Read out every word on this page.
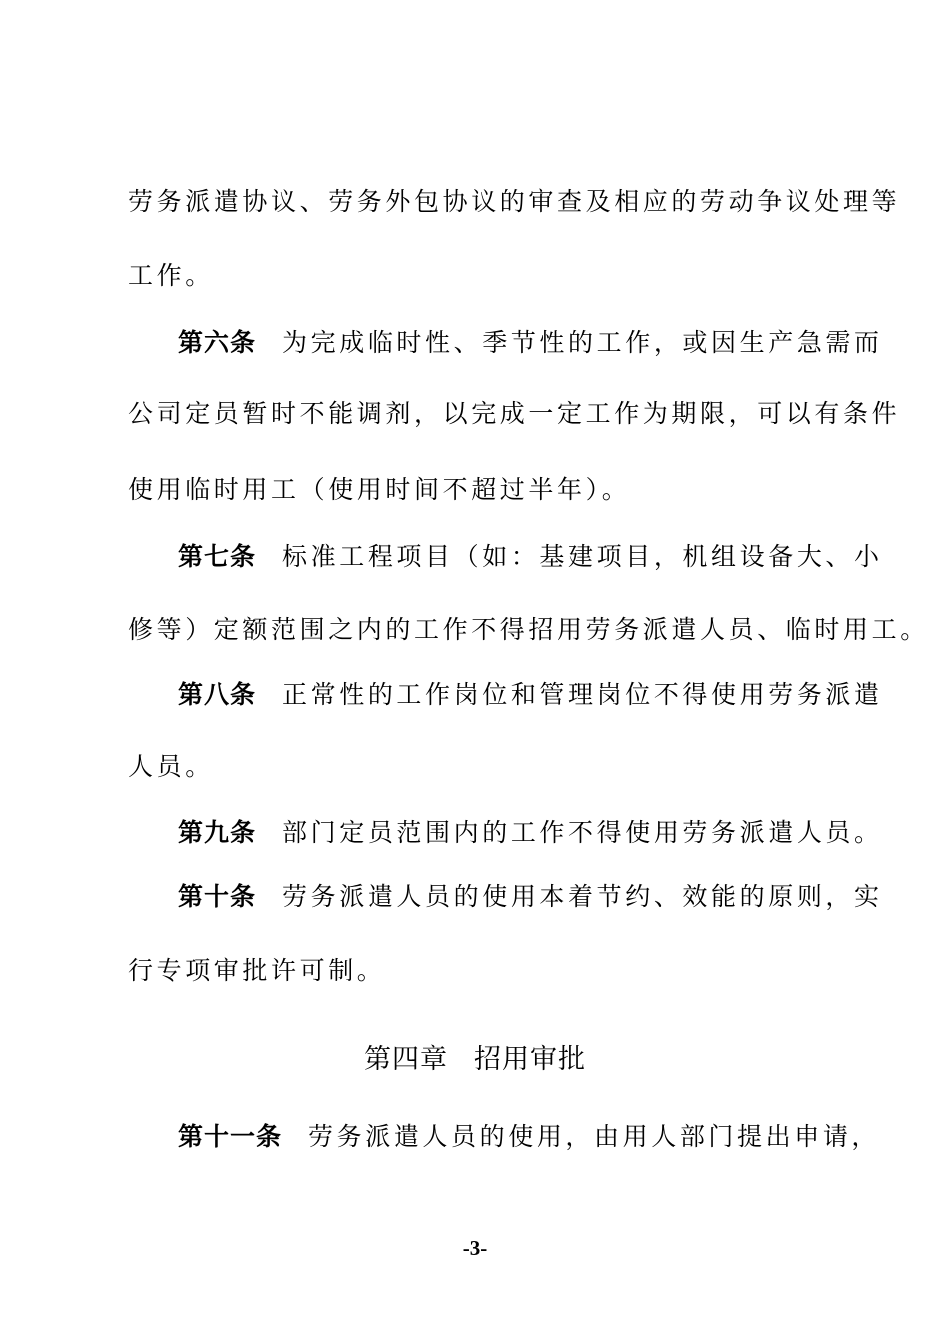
劳务派遣协议、劳务外包协议的审查及相应的劳动争议处理等
工作。
第六条 为完成临时性、季节性的工作，或因生产急需而
公司定员暂时不能调剂，以完成一定工作为期限，可以有条件
使用临时用工（使用时间不超过半年）。
第七条 标准工程项目（如：基建项目，机组设备大、小
修等）定额范围之内的工作不得招用劳务派遣人员、临时用工。
第八条 正常性的工作岗位和管理岗位不得使用劳务派遣
人员。
第九条 部门定员范围内的工作不得使用劳务派遣人员。
第十条 劳务派遣人员的使用本着节约、效能的原则，实
行专项审批许可制。
第四章 招用审批
第十一条 劳务派遣人员的使用，由用人部门提出申请，
-3-
